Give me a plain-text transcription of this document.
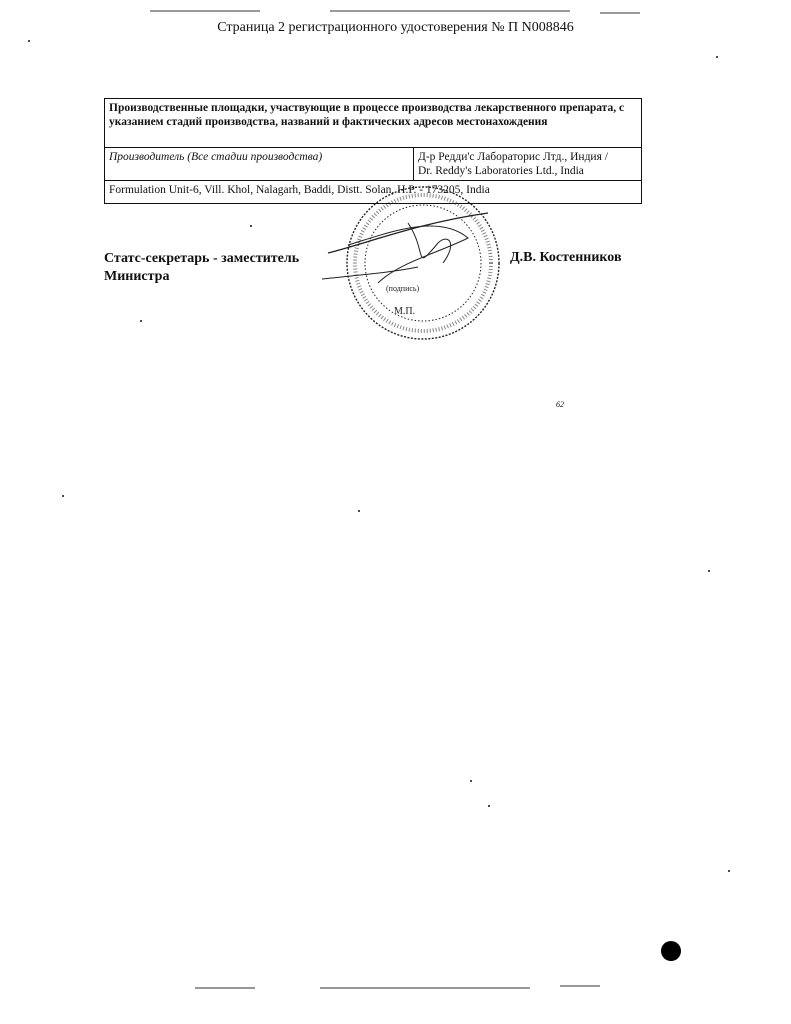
Страница 2 регистрационного удостоверения № П N008846
Производственные площадки, участвующие в процессе производства лекарственного препарата, с указанием стадий производства, названий и фактических адресов местонахождения
Производитель (Все стадии производства)	Д-р Редди'с Лабораторис Лтд., Индия /
Dr. Reddy's Laboratories Ltd., India

Formulation Unit-6, Vill. Khol, Nalagarh, Baddi, Distt. Solan, H.P. - 173205, India
Статс-секретарь - заместитель Министра
Д.В. Костенников
(подпись)
М.П.
62
